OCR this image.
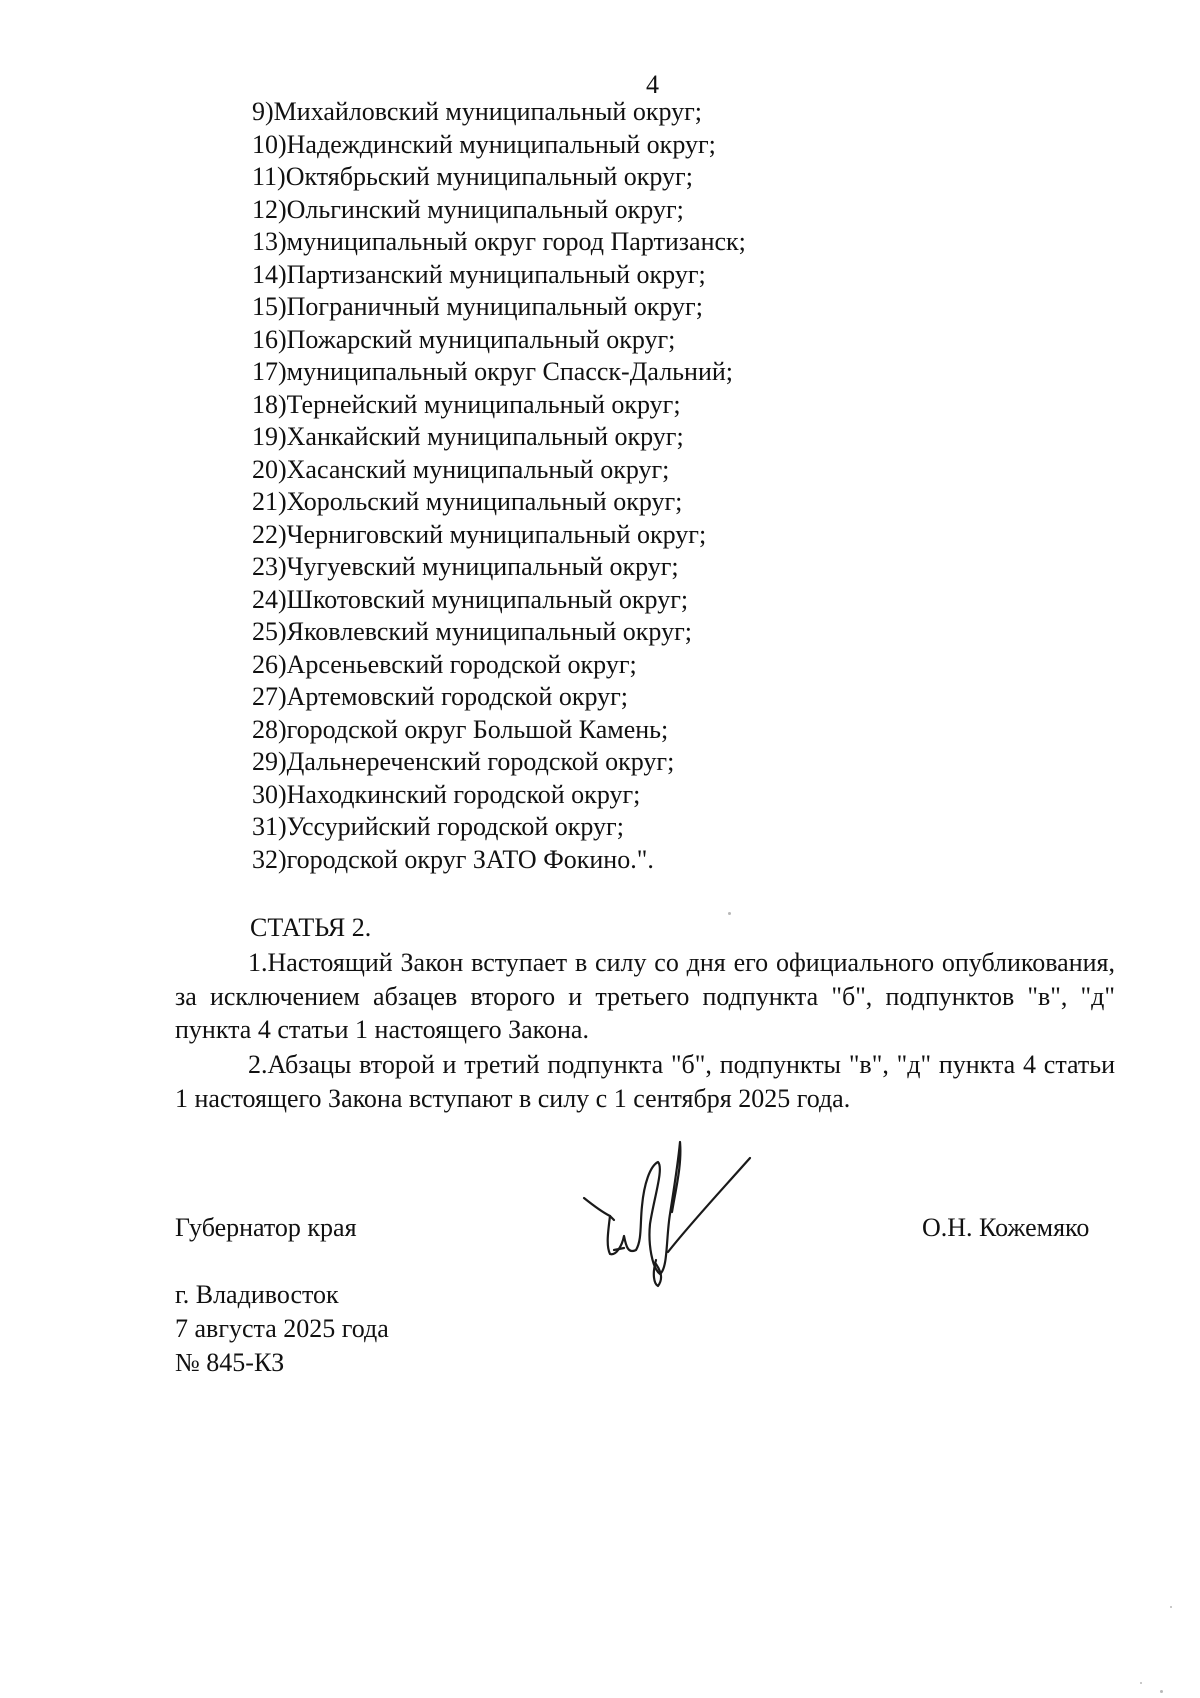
4
9)Михайловский муниципальный округ;
10)Надеждинский муниципальный округ;
11)Октябрьский муниципальный округ;
12)Ольгинский муниципальный округ;
13)муниципальный округ город Партизанск;
14)Партизанский муниципальный округ;
15)Пограничный муниципальный округ;
16)Пожарский муниципальный округ;
17)муниципальный округ Спасск-Дальний;
18)Тернейский муниципальный округ;
19)Ханкайский муниципальный округ;
20)Хасанский муниципальный округ;
21)Хорольский муниципальный округ;
22)Черниговский муниципальный округ;
23)Чугуевский муниципальный округ;
24)Шкотовский муниципальный округ;
25)Яковлевский муниципальный округ;
26)Арсеньевский городской округ;
27)Артемовский городской округ;
28)городской округ Большой Камень;
29)Дальнереченский городской округ;
30)Находкинский городской округ;
31)Уссурийский городской округ;
32)городской округ ЗАТО Фокино.".
СТАТЬЯ 2.

1.Настоящий Закон вступает в силу со дня его официального опубликования, за исключением абзацев второго и третьего подпункта "б", подпунктов "в", "д" пункта 4 статьи 1 настоящего Закона.

2.Абзацы второй и третий подпункта "б", подпункты "в", "д" пункта 4 статьи 1 настоящего Закона вступают в силу с 1 сентября 2025 года.

Губернатор края	О.Н. Кожемяко
г. Владивосток
7 августа 2025 года
№ 845-КЗ
